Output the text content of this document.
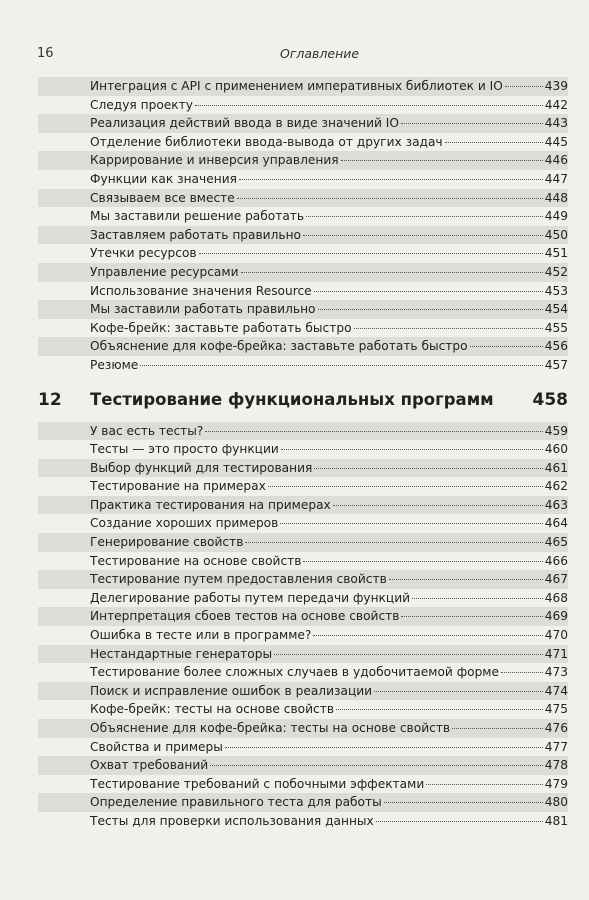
16	Оглавление
Интеграция с API с применением императивных библиотек и IO	439
Следуя проекту	442
Реализация действий ввода в виде значений IO	443
Отделение библиотеки ввода-вывода от других задач	445
Каррирование и инверсия управления	446
Функции как значения	447
Связываем все вместе	448
Мы заставили решение работать	449
Заставляем работать правильно	450
Утечки ресурсов	451
Управление ресурсами	452
Использование значения Resource	453
Мы заставили работать правильно	454
Кофе-брейк: заставьте работать быстро	455
Объяснение для кофе-брейка: заставьте работать быстро	456
Резюме	457
12	Тестирование функциональных программ	458
У вас есть тесты?	459
Тесты — это просто функции	460
Выбор функций для тестирования	461
Тестирование на примерах	462
Практика тестирования на примерах	463
Создание хороших примеров	464
Генерирование свойств	465
Тестирование на основе свойств	466
Тестирование путем предоставления свойств	467
Делегирование работы путем передачи функций	468
Интерпретация сбоев тестов на основе свойств	469
Ошибка в тесте или в программе?	470
Нестандартные генераторы	471
Тестирование более сложных случаев в удобочитаемой форме	473
Поиск и исправление ошибок в реализации	474
Кофе-брейк: тесты на основе свойств	475
Объяснение для кофе-брейка: тесты на основе свойств	476
Свойства и примеры	477
Охват требований	478
Тестирование требований с побочными эффектами	479
Определение правильного теста для работы	480
Тесты для проверки использования данных	481
